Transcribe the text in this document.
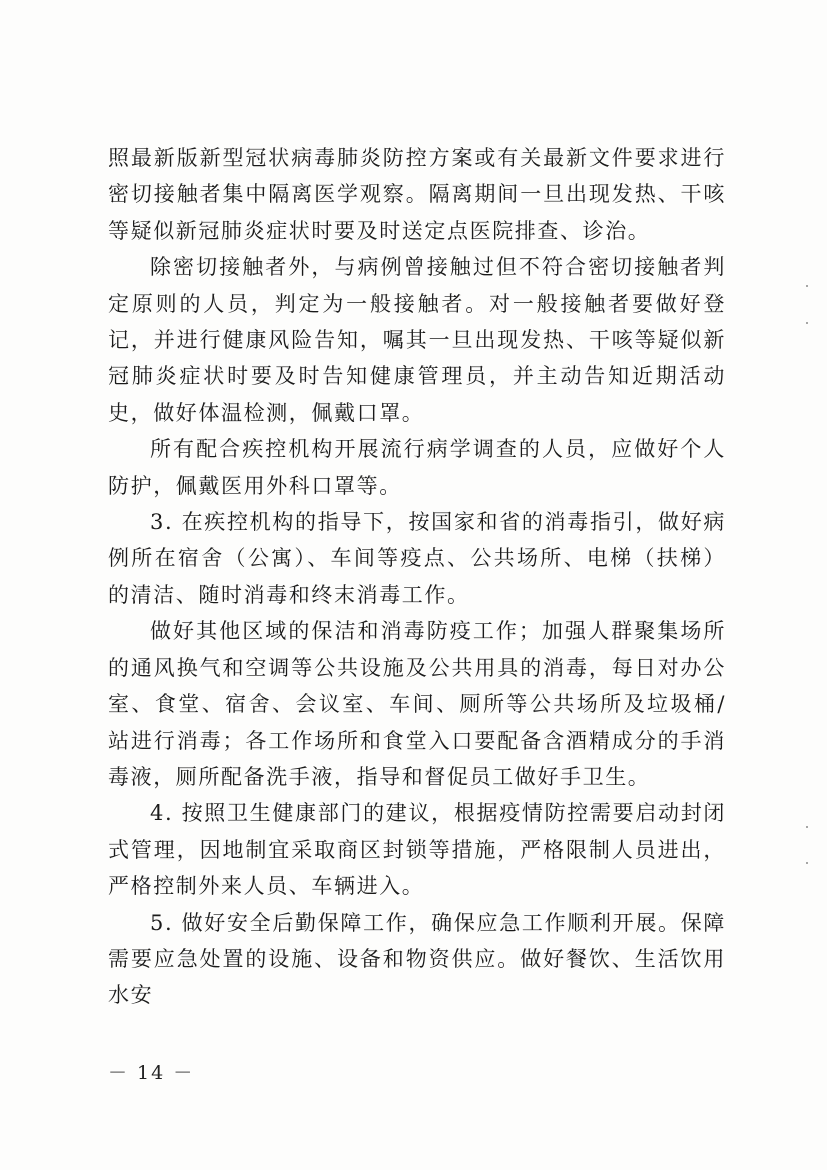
照最新版新型冠状病毒肺炎防控方案或有关最新文件要求进行密切接触者集中隔离医学观察。隔离期间一旦出现发热、干咳等疑似新冠肺炎症状时要及时送定点医院排查、诊治。

除密切接触者外，与病例曾接触过但不符合密切接触者判定原则的人员，判定为一般接触者。对一般接触者要做好登记，并进行健康风险告知，嘱其一旦出现发热、干咳等疑似新冠肺炎症状时要及时告知健康管理员，并主动告知近期活动史，做好体温检测，佩戴口罩。

所有配合疾控机构开展流行病学调查的人员，应做好个人防护，佩戴医用外科口罩等。

3. 在疾控机构的指导下，按国家和省的消毒指引，做好病例所在宿舍（公寓）、车间等疫点、公共场所、电梯（扶梯）的清洁、随时消毒和终末消毒工作。

做好其他区域的保洁和消毒防疫工作；加强人群聚集场所的通风换气和空调等公共设施及公共用具的消毒，每日对办公室、食堂、宿舍、会议室、车间、厕所等公共场所及垃圾桶/站进行消毒；各工作场所和食堂入口要配备含酒精成分的手消毒液，厕所配备洗手液，指导和督促员工做好手卫生。

4. 按照卫生健康部门的建议，根据疫情防控需要启动封闭式管理，因地制宜采取商区封锁等措施，严格限制人员进出，严格控制外来人员、车辆进入。

5. 做好安全后勤保障工作，确保应急工作顺利开展。保障需要应急处置的设施、设备和物资供应。做好餐饮、生活饮用水安

－ 14 －
